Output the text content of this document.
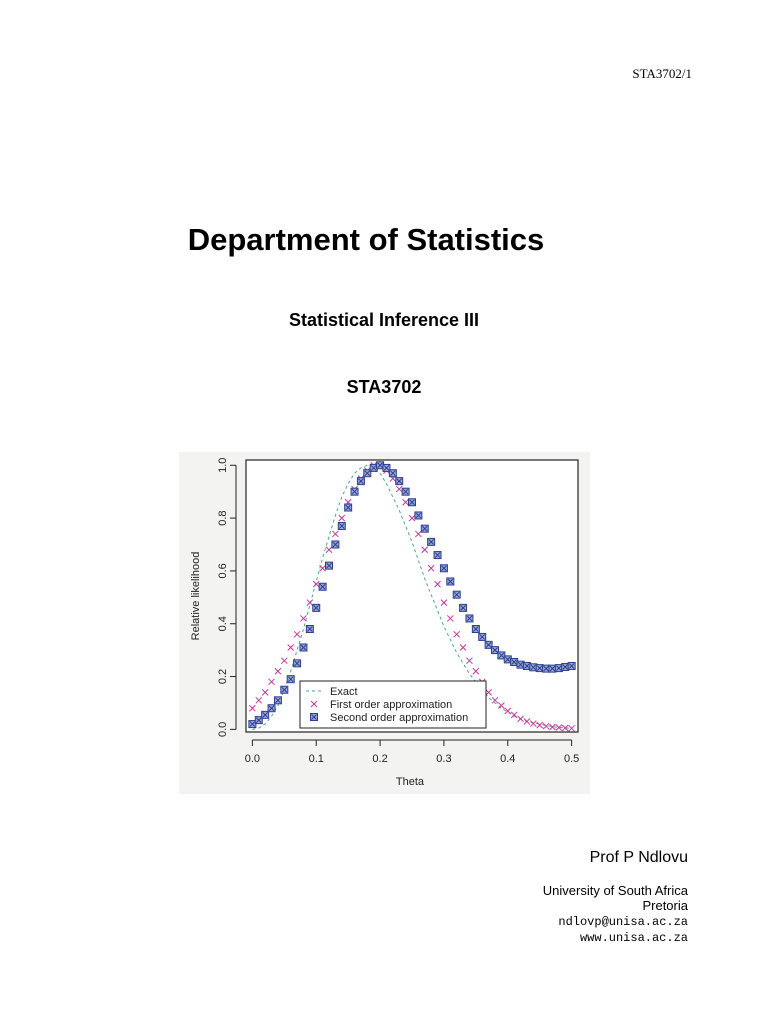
STA3702/1
Department of Statistics
Statistical Inference III
STA3702
0.0
0.2
0.4
0.6
0.8
1.0
0.0	0.1	0.2	0.3	0.4	0.5
Exact
First order approximation
Second order approximation
Theta
Relative likelihood
Prof P Ndlovu
University of South Africa
Pretoria
ndlovp@unisa.ac.za
www.unisa.ac.za
